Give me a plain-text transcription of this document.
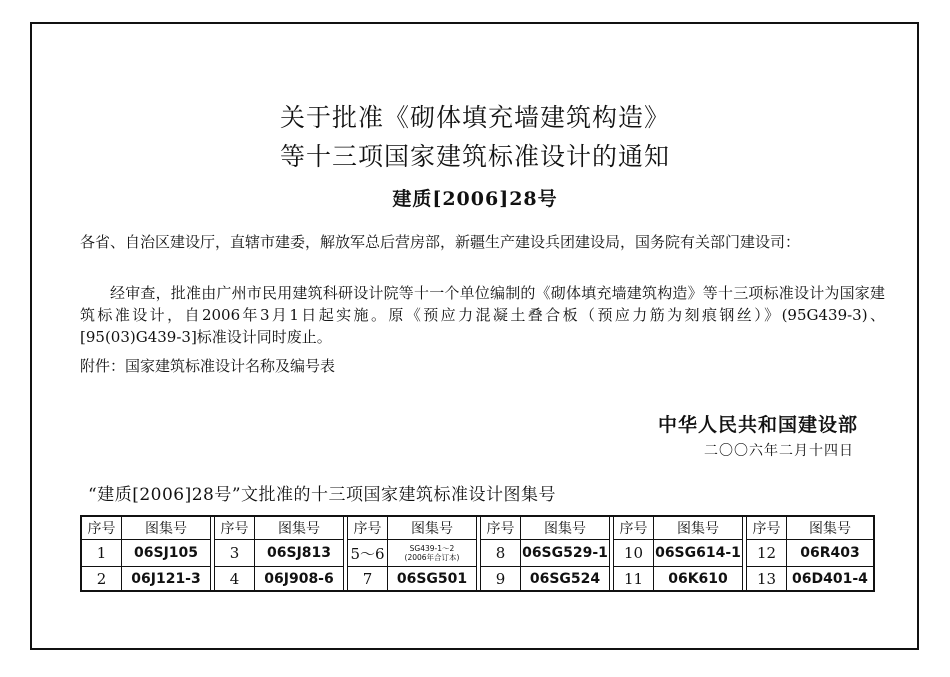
关于批准《砌体填充墙建筑构造》
等十三项国家建筑标准设计的通知
建质[2006]28号

各省、自治区建设厅，直辖市建委，解放军总后营房部，新疆生产建设兵团建设局，国务院有关部门建设司：

经审查，批准由广州市民用建筑科研设计院等十一个单位编制的《砌体填充墙建筑构造》等十三项标准设计为国家建筑标准设计，自2006年3月1日起实施。原《预应力混凝土叠合板（预应力筋为刻痕钢丝）》(95G439-3)、[95(03)G439-3]标准设计同时废止。

附件：国家建筑标准设计名称及编号表

中华人民共和国建设部
二〇〇六年二月十四日
“建质[2006]28号”文批准的十三项国家建筑标准设计图集号
序号	图集号
1	06SJ105
2	06J121-3
序号	图集号
3	06SJ813
4	06J908-6
序号	图集号
5～6	SG439-1～2
(2006年合订本)
7	06SG501
序号	图集号
8	06SG529-1
9	06SG524
序号	图集号
10 06SG614-1
11	06K610
序号	图集号
12	06R403
13	06D401-4
